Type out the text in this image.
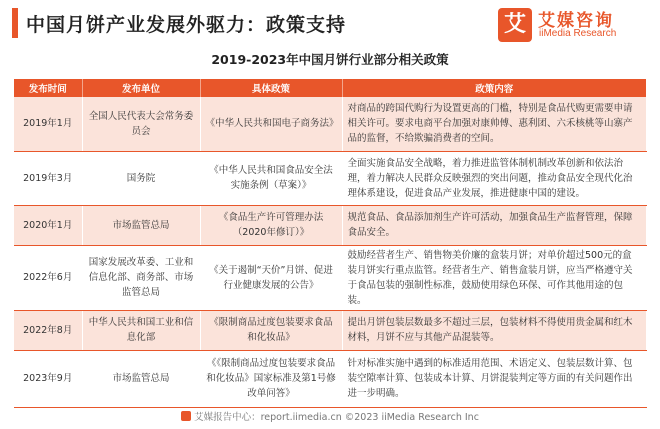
中国月饼产业发展外驱力：政策支持	艾 艾媒咨询
iiMedia Research
2019-2023年中国月饼行业部分相关政策
发布时间	发布单位	具体政策	政策内容
2019年1月	全国人民代表大会常务委员会	《中华人民共和国电子商务法》	对商品的跨国代购行为设置更高的门槛，特别是食品代购更需要申请相关许可。要求电商平台加强对康帅傅、惠利团、六禾核桃等山寨产品的监督，不给欺骗消费者的空间。
2019年3月	国务院	《中华人民共和国食品安全法实施条例（草案）》	全面实施食品安全战略，着力推进监管体制机制改革创新和依法治理，着力解决人民群众反映强烈的突出问题，推动食品安全现代化治理体系建设，促进食品产业发展，推进健康中国的建设。
2020年1月	市场监管总局	《食品生产许可管理办法（2020年修订）》	规范食品、食品添加剂生产许可活动，加强食品生产监督管理，保障食品安全。
2022年6月	国家发展改革委、工业和信息化部、商务部、市场监管总局	《关于遏制“天价”月饼、促进行业健康发展的公告》	鼓励经营者生产、销售物美价廉的盒装月饼；对单价超过500元的盒装月饼实行重点监管。经营者生产、销售盒装月饼，应当严格遵守关于食品包装的强制性标准，鼓励使用绿色环保、可作其他用途的包装。
2022年8月	中华人民共和国工业和信息化部	《限制商品过度包装要求食品和化妆品》	提出月饼包装层数最多不超过三层，包装材料不得使用贵金属和红木材料，月饼不应与其他产品混装等。
2023年9月	市场监管总局	《《限制商品过度包装要求食品和化妆品》国家标准及第1号修改单问答》	针对标准实施中遇到的标准适用范围、术语定义、包装层数计算、包装空隙率计算、包装成本计算、月饼混装判定等方面的有关问题作出进一步明确。
艾媒报告中心：report.iimedia.cn ©2023 iiMedia Research Inc
